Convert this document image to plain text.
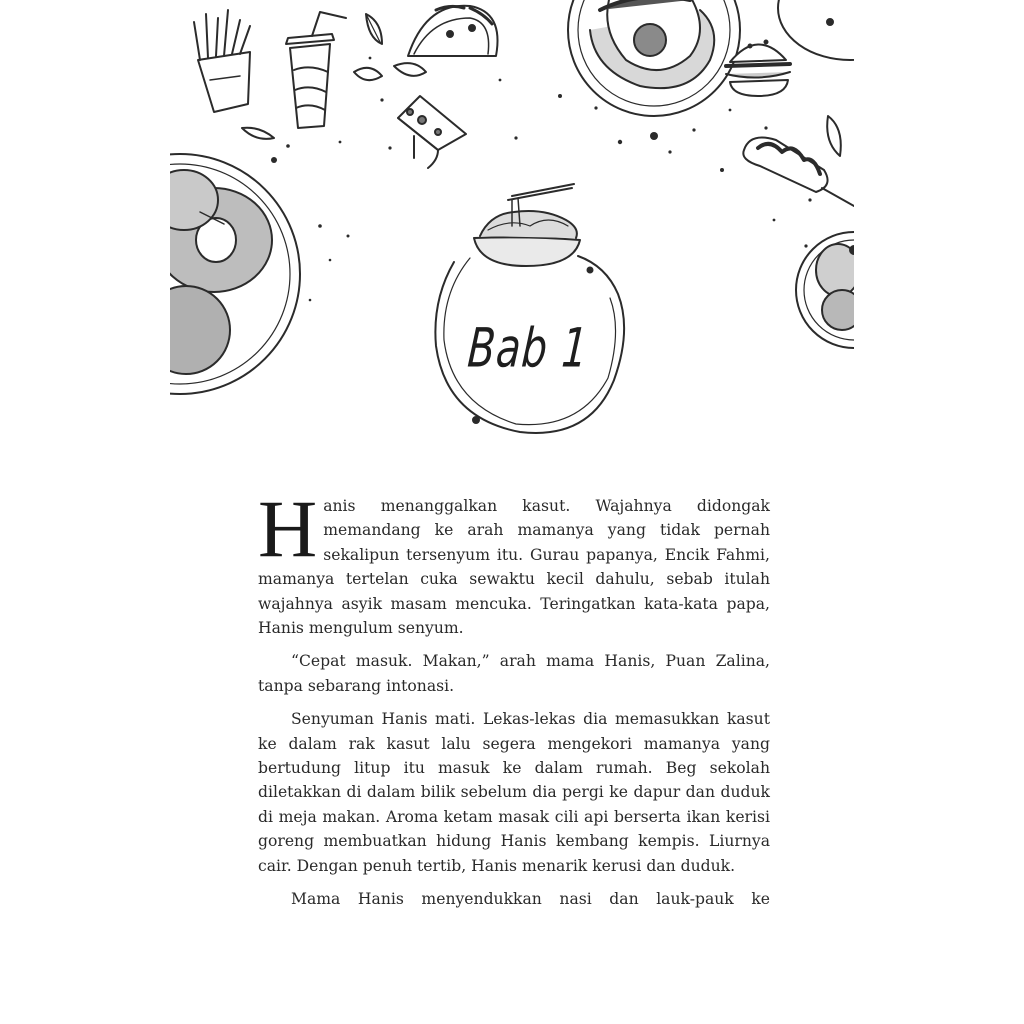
Bab 1

Hanis menanggalkan kasut. Wajahnya didongak memandang ke arah mamanya yang tidak pernah sekalipun tersenyum itu. Gurau papanya, Encik Fahmi, mamanya tertelan cuka sewaktu kecil dahulu, sebab itulah wajahnya asyik masam mencuka. Teringatkan kata-kata papa, Hanis mengulum senyum.

“Cepat masuk. Makan,” arah mama Hanis, Puan Zalina, tanpa sebarang intonasi.

Senyuman Hanis mati. Lekas-lekas dia memasukkan kasut ke dalam rak kasut lalu segera mengekori mamanya yang bertudung litup itu masuk ke dalam rumah. Beg sekolah diletakkan di dalam bilik sebelum dia pergi ke dapur dan duduk di meja makan. Aroma ketam masak cili api berserta ikan kerisi goreng membuatkan hidung Hanis kembang kempis. Liurnya cair. Dengan penuh tertib, Hanis menarik kerusi dan duduk.

Mama Hanis menyendukkan nasi dan lauk-pauk ke
